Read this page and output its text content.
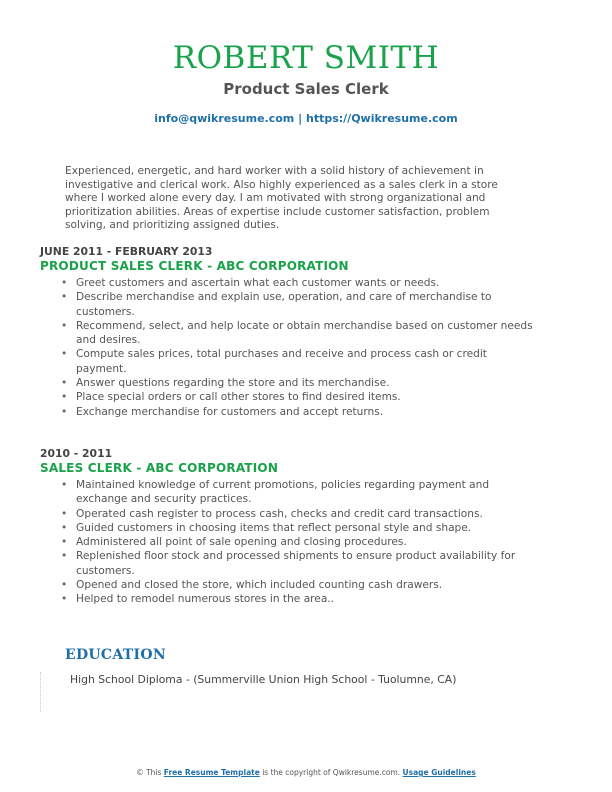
ROBERT SMITH
Product Sales Clerk
info@qwikresume.com | https://Qwikresume.com
Experienced, energetic, and hard worker with a solid history of achievement in investigative and clerical work. Also highly experienced as a sales clerk in a store where I worked alone every day. I am motivated with strong organizational and prioritization abilities. Areas of expertise include customer satisfaction, problem solving, and prioritizing assigned duties.
JUNE 2011 - FEBRUARY 2013
PRODUCT SALES CLERK - ABC CORPORATION
• Greet customers and ascertain what each customer wants or needs.
• Describe merchandise and explain use, operation, and care of merchandise to customers.
• Recommend, select, and help locate or obtain merchandise based on customer needs and desires.
• Compute sales prices, total purchases and receive and process cash or credit payment.
• Answer questions regarding the store and its merchandise.
• Place special orders or call other stores to find desired items.
• Exchange merchandise for customers and accept returns.
2010 - 2011
SALES CLERK - ABC CORPORATION
• Maintained knowledge of current promotions, policies regarding payment and exchange and security practices.
• Operated cash register to process cash, checks and credit card transactions.
• Guided customers in choosing items that reflect personal style and shape.
• Administered all point of sale opening and closing procedures.
• Replenished floor stock and processed shipments to ensure product availability for customers.
• Opened and closed the store, which included counting cash drawers.
• Helped to remodel numerous stores in the area..
EDUCATION
High School Diploma - (Summerville Union High School - Tuolumne, CA)
© This Free Resume Template is the copyright of Qwikresume.com. Usage Guidelines
